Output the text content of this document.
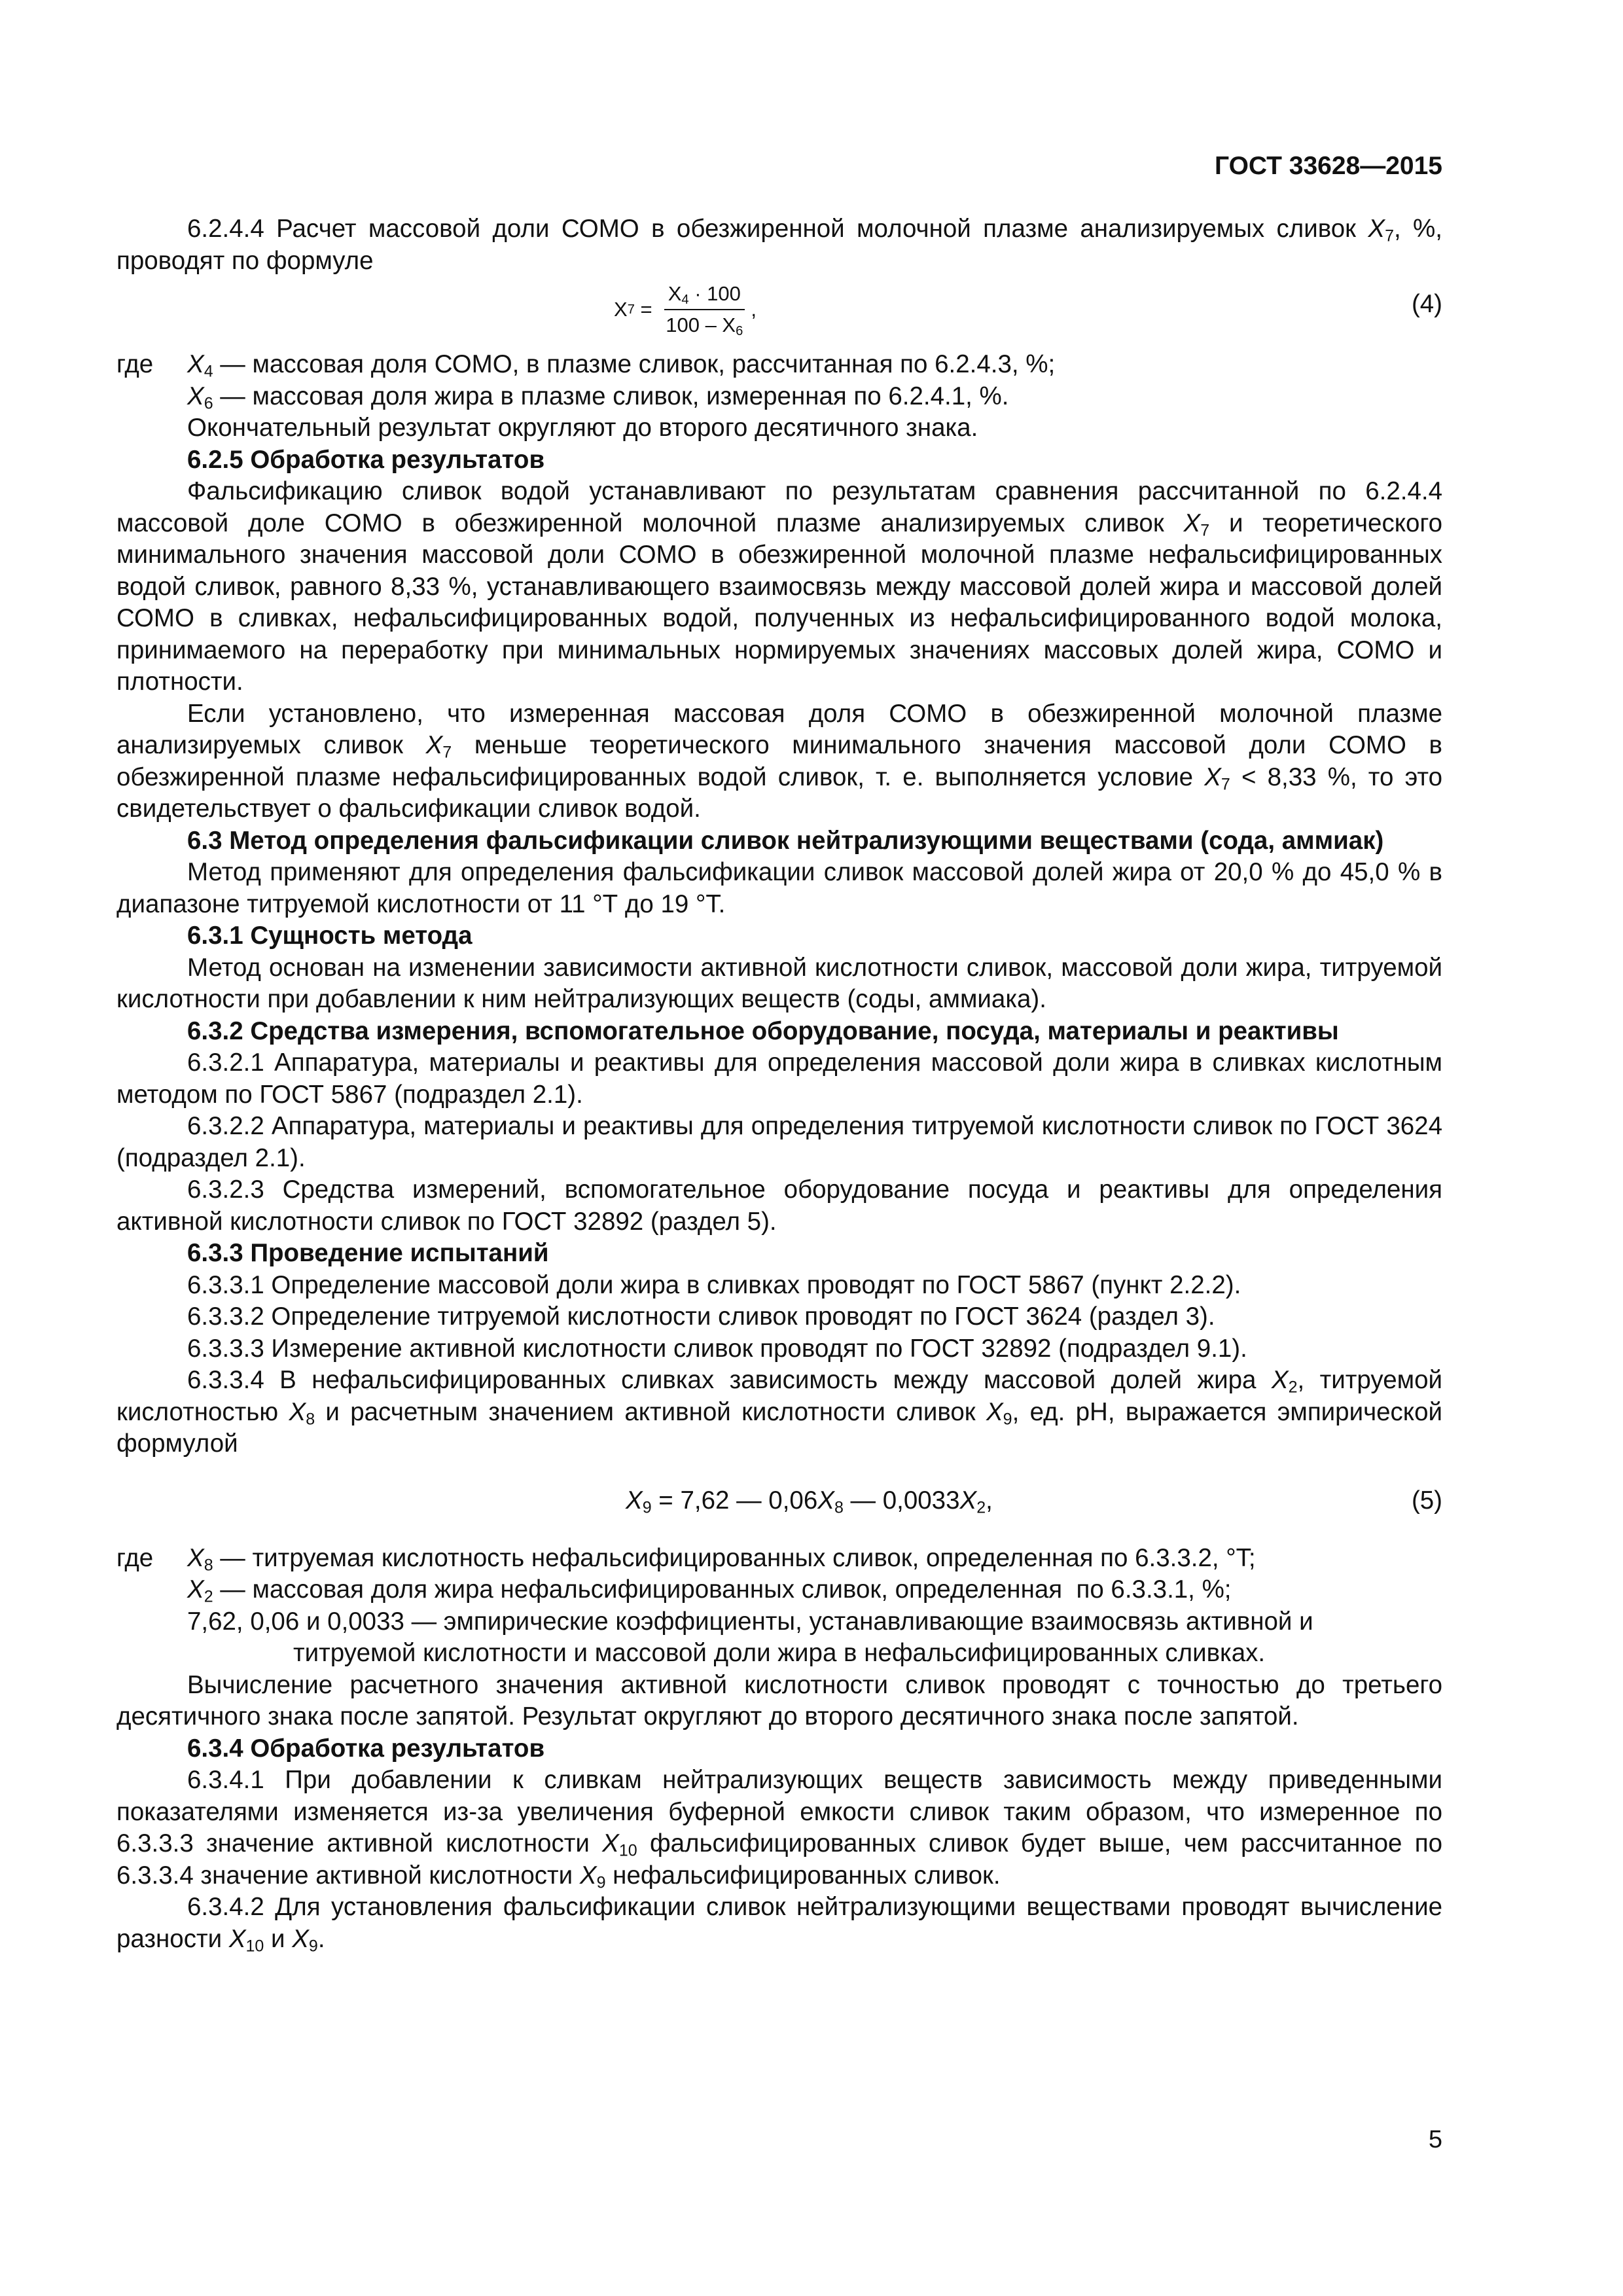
ГОСТ 33628—2015

6.2.4.4 Расчет массовой доли СОМО в обезжиренной молочной плазме анализируемых сливок $X_7$, %, проводят по формуле

X $7 = \frac{X_4 \cdot 100}{100 - X_6}$ ,	(4)
где	$X_4$ — массовая доля СОМО, в плазме сливок, рассчитанная по 6.2.4.3, %;

$X_6$ — массовая доля жира в плазме сливок, измеренная по 6.2.4.1, %.

Окончательный результат округляют до второго десятичного знака.

6.2.5 Обработка результатов

Фальсификацию сливок водой устанавливают по результатам сравнения рассчитанной по 6.2.4.4 массовой доле СОМО в обезжиренной молочной плазме анализируемых сливок $X_7$ и теоретического минимального значения массовой доли СОМО в обезжиренной молочной плазме нефальсифицированных водой сливок, равного 8,33 %, устанавливающего взаимосвязь между массовой долей жира и массовой долей СОМО в сливках, нефальсифицированных водой, полученных из нефальсифицированного водой молока, принимаемого на переработку при минимальных нормируемых значениях массовых долей жира, СОМО и плотности.

Если установлено, что измеренная массовая доля СОМО в обезжиренной молочной плазме анализируемых сливок $X_7$ меньше теоретического минимального значения массовой доли СОМО в обезжиренной плазме нефальсифицированных водой сливок, т. е. выполняется условие $X_7 < 8,33$ %, то это свидетельствует о фальсификации сливок водой.

6.3 Метод определения фальсификации сливок нейтрализующими веществами (сода, аммиак)

Метод применяют для определения фальсификации сливок массовой долей жира от 20,0 % до 45,0 % в диапазоне титруемой кислотности от 11 °Т до 19 °Т.

6.3.1 Сущность метода

Метод основан на изменении зависимости активной кислотности сливок, массовой доли жира, титруемой кислотности при добавлении к ним нейтрализующих веществ (соды, аммиака).

6.3.2 Средства измерения, вспомогательное оборудование, посуда, материалы и реактивы

6.3.2.1 Аппаратура, материалы и реактивы для определения массовой доли жира в сливках кислотным методом по ГОСТ 5867 (подраздел 2.1).

6.3.2.2 Аппаратура, материалы и реактивы для определения титруемой кислотности сливок по ГОСТ 3624 (подраздел 2.1).

6.3.2.3 Средства измерений, вспомогательное оборудование посуда и реактивы для определения активной кислотности сливок по ГОСТ 32892 (раздел 5).

6.3.3 Проведение испытаний

6.3.3.1 Определение массовой доли жира в сливках проводят по ГОСТ 5867 (пункт 2.2.2).

6.3.3.2 Определение титруемой кислотности сливок проводят по ГОСТ 3624 (раздел 3).

6.3.3.3 Измерение активной кислотности сливок проводят по ГОСТ 32892 (подраздел 9.1).

6.3.3.4 В нефальсифицированных сливках зависимость между массовой долей жира $X_2$, титруемой кислотностью $X_8$ и расчетным значением активной кислотности сливок $X_9$, ед. pH, выражается эмпирической формулой

$X_9 = 7,62$ — $0,06X_8$ — $0,0033X_2$,	(5)
где	$X_8$ — титруемая кислотность нефальсифицированных сливок, определенная по 6.3.3.2, °T;

$X_2$ — массовая доля жира нефальсифицированных сливок, определенная  по 6.3.3.1, %;

7,62, 0,06 и 0,0033 — эмпирические коэффициенты, устанавливающие взаимосвязь активной и титруемой кислотности и массовой доли жира в нефальсифицированных сливках.

Вычисление расчетного значения активной кислотности сливок проводят с точностью до третьего десятичного знака после запятой. Результат округляют до второго десятичного знака после запятой.

6.3.4 Обработка результатов

6.3.4.1 При добавлении к сливкам нейтрализующих веществ зависимость между приведенными показателями изменяется из-за увеличения буферной емкости сливок таким образом, что измеренное по 6.3.3.3 значение активной кислотности $X_{10}$ фальсифицированных сливок будет выше, чем рассчитанное по 6.3.3.4 значение активной кислотности $X_9$ нефальсифицированных сливок.

6.3.4.2 Для установления фальсификации сливок нейтрализующими веществами проводят вычисление разности $X_{10}$ и $X_9$.

5
